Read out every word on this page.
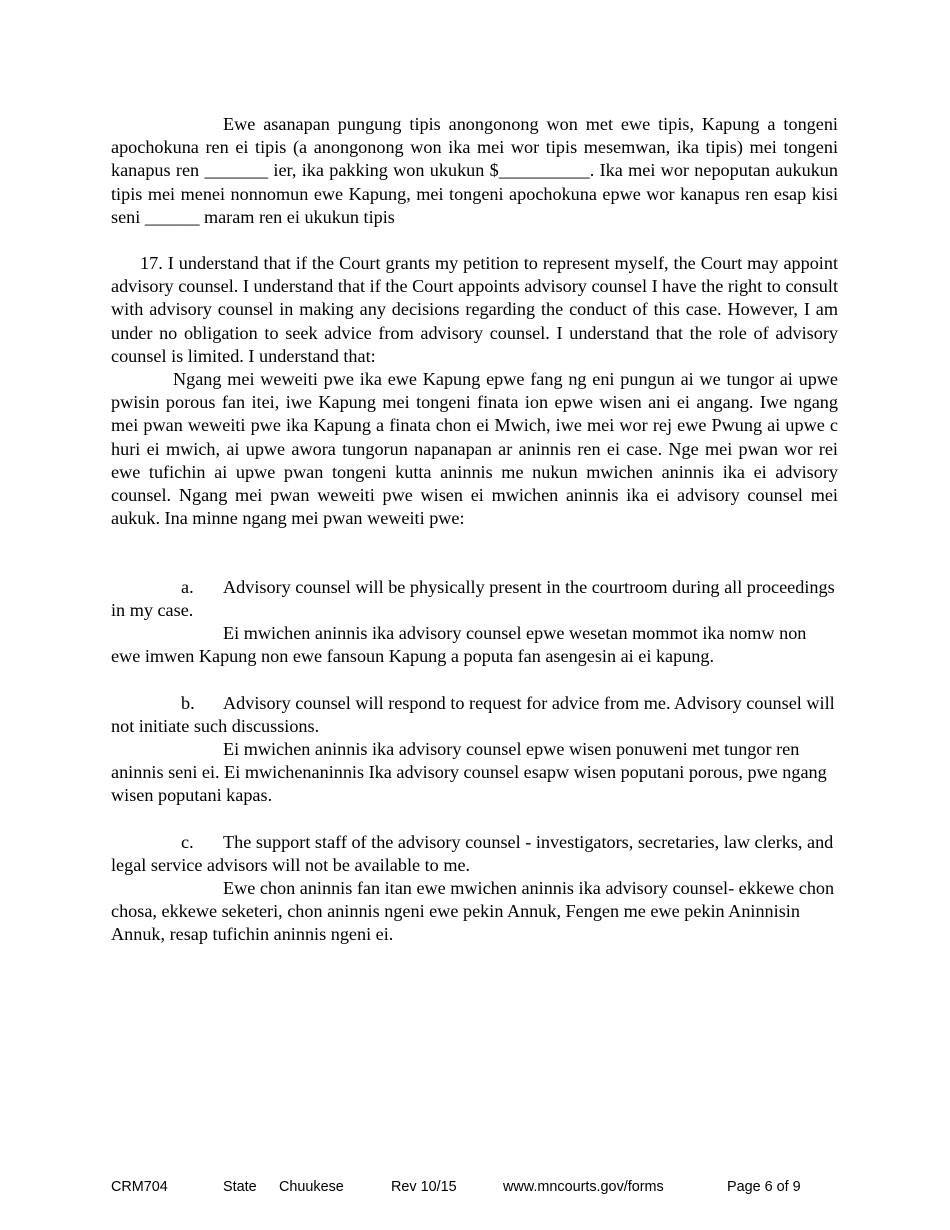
Ewe asanapan pungung tipis anongonong won met ewe tipis, Kapung a tongeni apochokuna ren ei tipis (a anongonong won ika mei wor tipis mesemwan, ika tipis) mei tongeni kanapus ren _______ ier, ika pakking won ukukun $__________. Ika mei wor nepoputan aukukun tipis mei menei nonnomun ewe Kapung, mei tongeni apochokuna epwe wor kanapus ren esap kisi seni ______ maram ren ei ukukun tipis

17. I understand that if the Court grants my petition to represent myself, the Court may appoint advisory counsel. I understand that if the Court appoints advisory counsel I have the right to consult with advisory counsel in making any decisions regarding the conduct of this case. However, I am under no obligation to seek advice from advisory counsel. I understand that the role of advisory counsel is limited. I understand that:

Ngang mei weweiti pwe ika ewe Kapung epwe fang ng eni pungun ai we tungor ai upwe pwisin porous fan itei, iwe Kapung mei tongeni finata ion epwe wisen ani ei angang. Iwe ngang mei pwan weweiti pwe ika Kapung a finata chon ei Mwich, iwe mei wor rej ewe Pwung ai upwe c huri ei mwich, ai upwe awora tungorun napanapan ar aninnis ren ei case. Nge mei pwan wor rei ewe tufichin ai upwe pwan tongeni kutta aninnis me nukun mwichen aninnis ika ei advisory counsel. Ngang mei pwan weweiti pwe wisen ei mwichen aninnis ika ei advisory counsel mei aukuk. Ina minne ngang mei pwan weweiti pwe:

a. Advisory counsel will be physically present in the courtroom during all proceedings in my case.

Ei mwichen aninnis ika advisory counsel epwe wesetan mommot ika nomw non ewe imwen Kapung non ewe fansoun Kapung a poputa fan asengesin ai ei kapung.

b. Advisory counsel will respond to request for advice from me. Advisory counsel will not initiate such discussions.

Ei mwichen aninnis ika advisory counsel epwe wisen ponuweni met tungor ren aninnis seni ei. Ei mwichenaninnis Ika advisory counsel esapw wisen poputani porous, pwe ngang wisen poputani kapas.

c. The support staff of the advisory counsel - investigators, secretaries, law clerks, and legal service advisors will not be available to me.

Ewe chon aninnis fan itan ewe mwichen aninnis ika advisory counsel- ekkewe chon chosa, ekkewe seketeri, chon aninnis ngeni ewe pekin Annuk, Fengen me ewe pekin Aninnisin Annuk, resap tufichin aninnis ngeni ei.

CRM704	State Chuukese	Rev 10/15	www.mncourts.gov/forms	Page 6 of 9
